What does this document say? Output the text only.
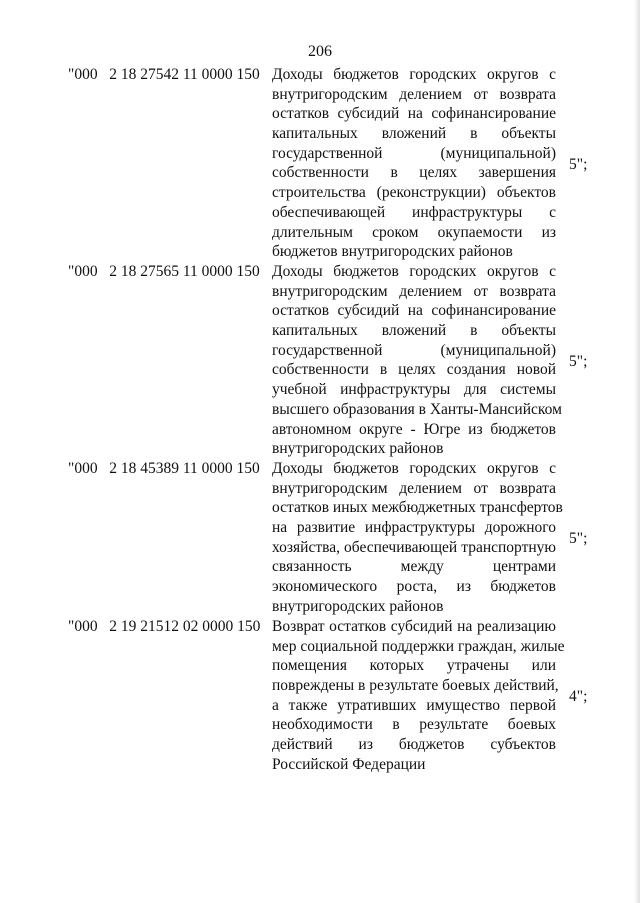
206
"000   2 18 27542 11 0000 150 Доходы бюджетов городских округов с
внутригородским делением от возврата
остатков субсидий на софинансирование
капитальных вложений в объекты
государственной (муниципальной)
собственности в целях завершения
строительства (реконструкции) объектов
обеспечивающей инфраструктуры с
длительным сроком окупаемости из
бюджетов внутригородских районов
5";
"000   2 18 27565 11 0000 150 Доходы бюджетов городских округов с
внутригородским делением от возврата
остатков субсидий на софинансирование
капитальных вложений в объекты
государственной (муниципальной)
собственности в целях создания новой
учебной инфраструктуры для системы
высшего образования в Ханты-Мансийском
автономном округе - Югре из бюджетов
внутригородских районов
5";
"000   2 18 45389 11 0000 150 Доходы бюджетов городских округов с
внутригородским делением от возврата
остатков иных межбюджетных трансфертов
на развитие инфраструктуры дорожного
хозяйства, обеспечивающей транспортную
связанность между центрами
экономического роста, из бюджетов
внутригородских районов
5";
"000   2 19 21512 02 0000 150 Возврат остатков субсидий на реализацию
мер социальной поддержки граждан, жилые
помещения которых утрачены или
повреждены в результате боевых действий,
а также утративших имущество первой
необходимости в результате боевых
действий из бюджетов субъектов
Российской Федерации
4";
